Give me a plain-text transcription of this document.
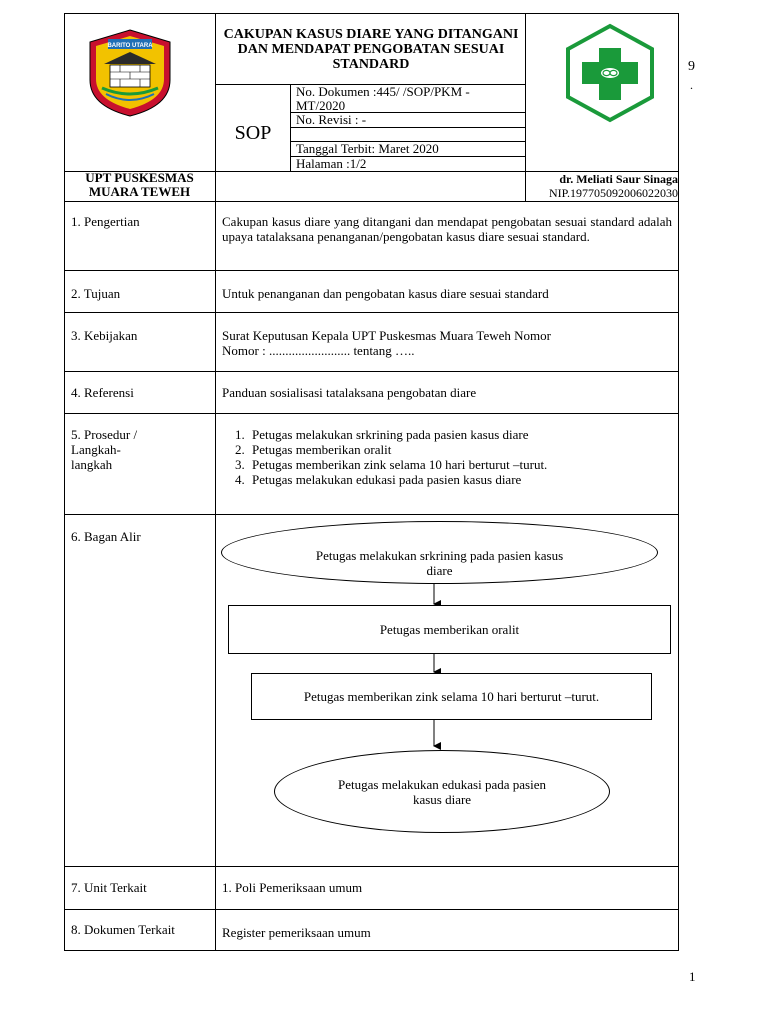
BARITO UTARA
CAKUPAN KASUS DIARE YANG DITANGANI DAN MENDAPAT PENGOBATAN SESUAI STANDARD
SOP
No. Dokumen :445/ /SOP/PKM - MT/2020
No. Revisi : -
Tanggal Terbit: Maret 2020
Halaman :1/2
UPT PUSKESMAS
MUARA TEWEH
dr. Meliati Saur Sinaga
NIP.197705092006022030
1. Pengertian	Cakupan kasus diare yang ditangani dan mendapat pengobatan sesuai standard adalah upaya tatalaksana penanganan/pengobatan kasus diare sesuai standard.
2. Tujuan	Untuk penanganan dan pengobatan kasus diare sesuai standard
3. Kebijakan	Surat Keputusan Kepala UPT Puskesmas Muara Teweh Nomor
Nomor : ......................... tentang …..
4. Referensi	Panduan sosialisasi tatalaksana pengobatan diare
5. Prosedur /
Langkah-
langkah
1. Petugas melakukan srkrining pada pasien kasus diare
2. Petugas memberikan oralit
3. Petugas memberikan zink selama 10 hari berturut –turut.
4. Petugas melakukan edukasi pada pasien kasus diare
6. Bagan Alir
Petugas melakukan srkrining pada pasien kasus diare
Petugas memberikan oralit
Petugas memberikan zink selama 10 hari berturut –turut.
Petugas melakukan edukasi pada pasien kasus diare
7. Unit Terkait	1. Poli Pemeriksaan umum
8. Dokumen Terkait	Register pemeriksaan umum
9
.
1
